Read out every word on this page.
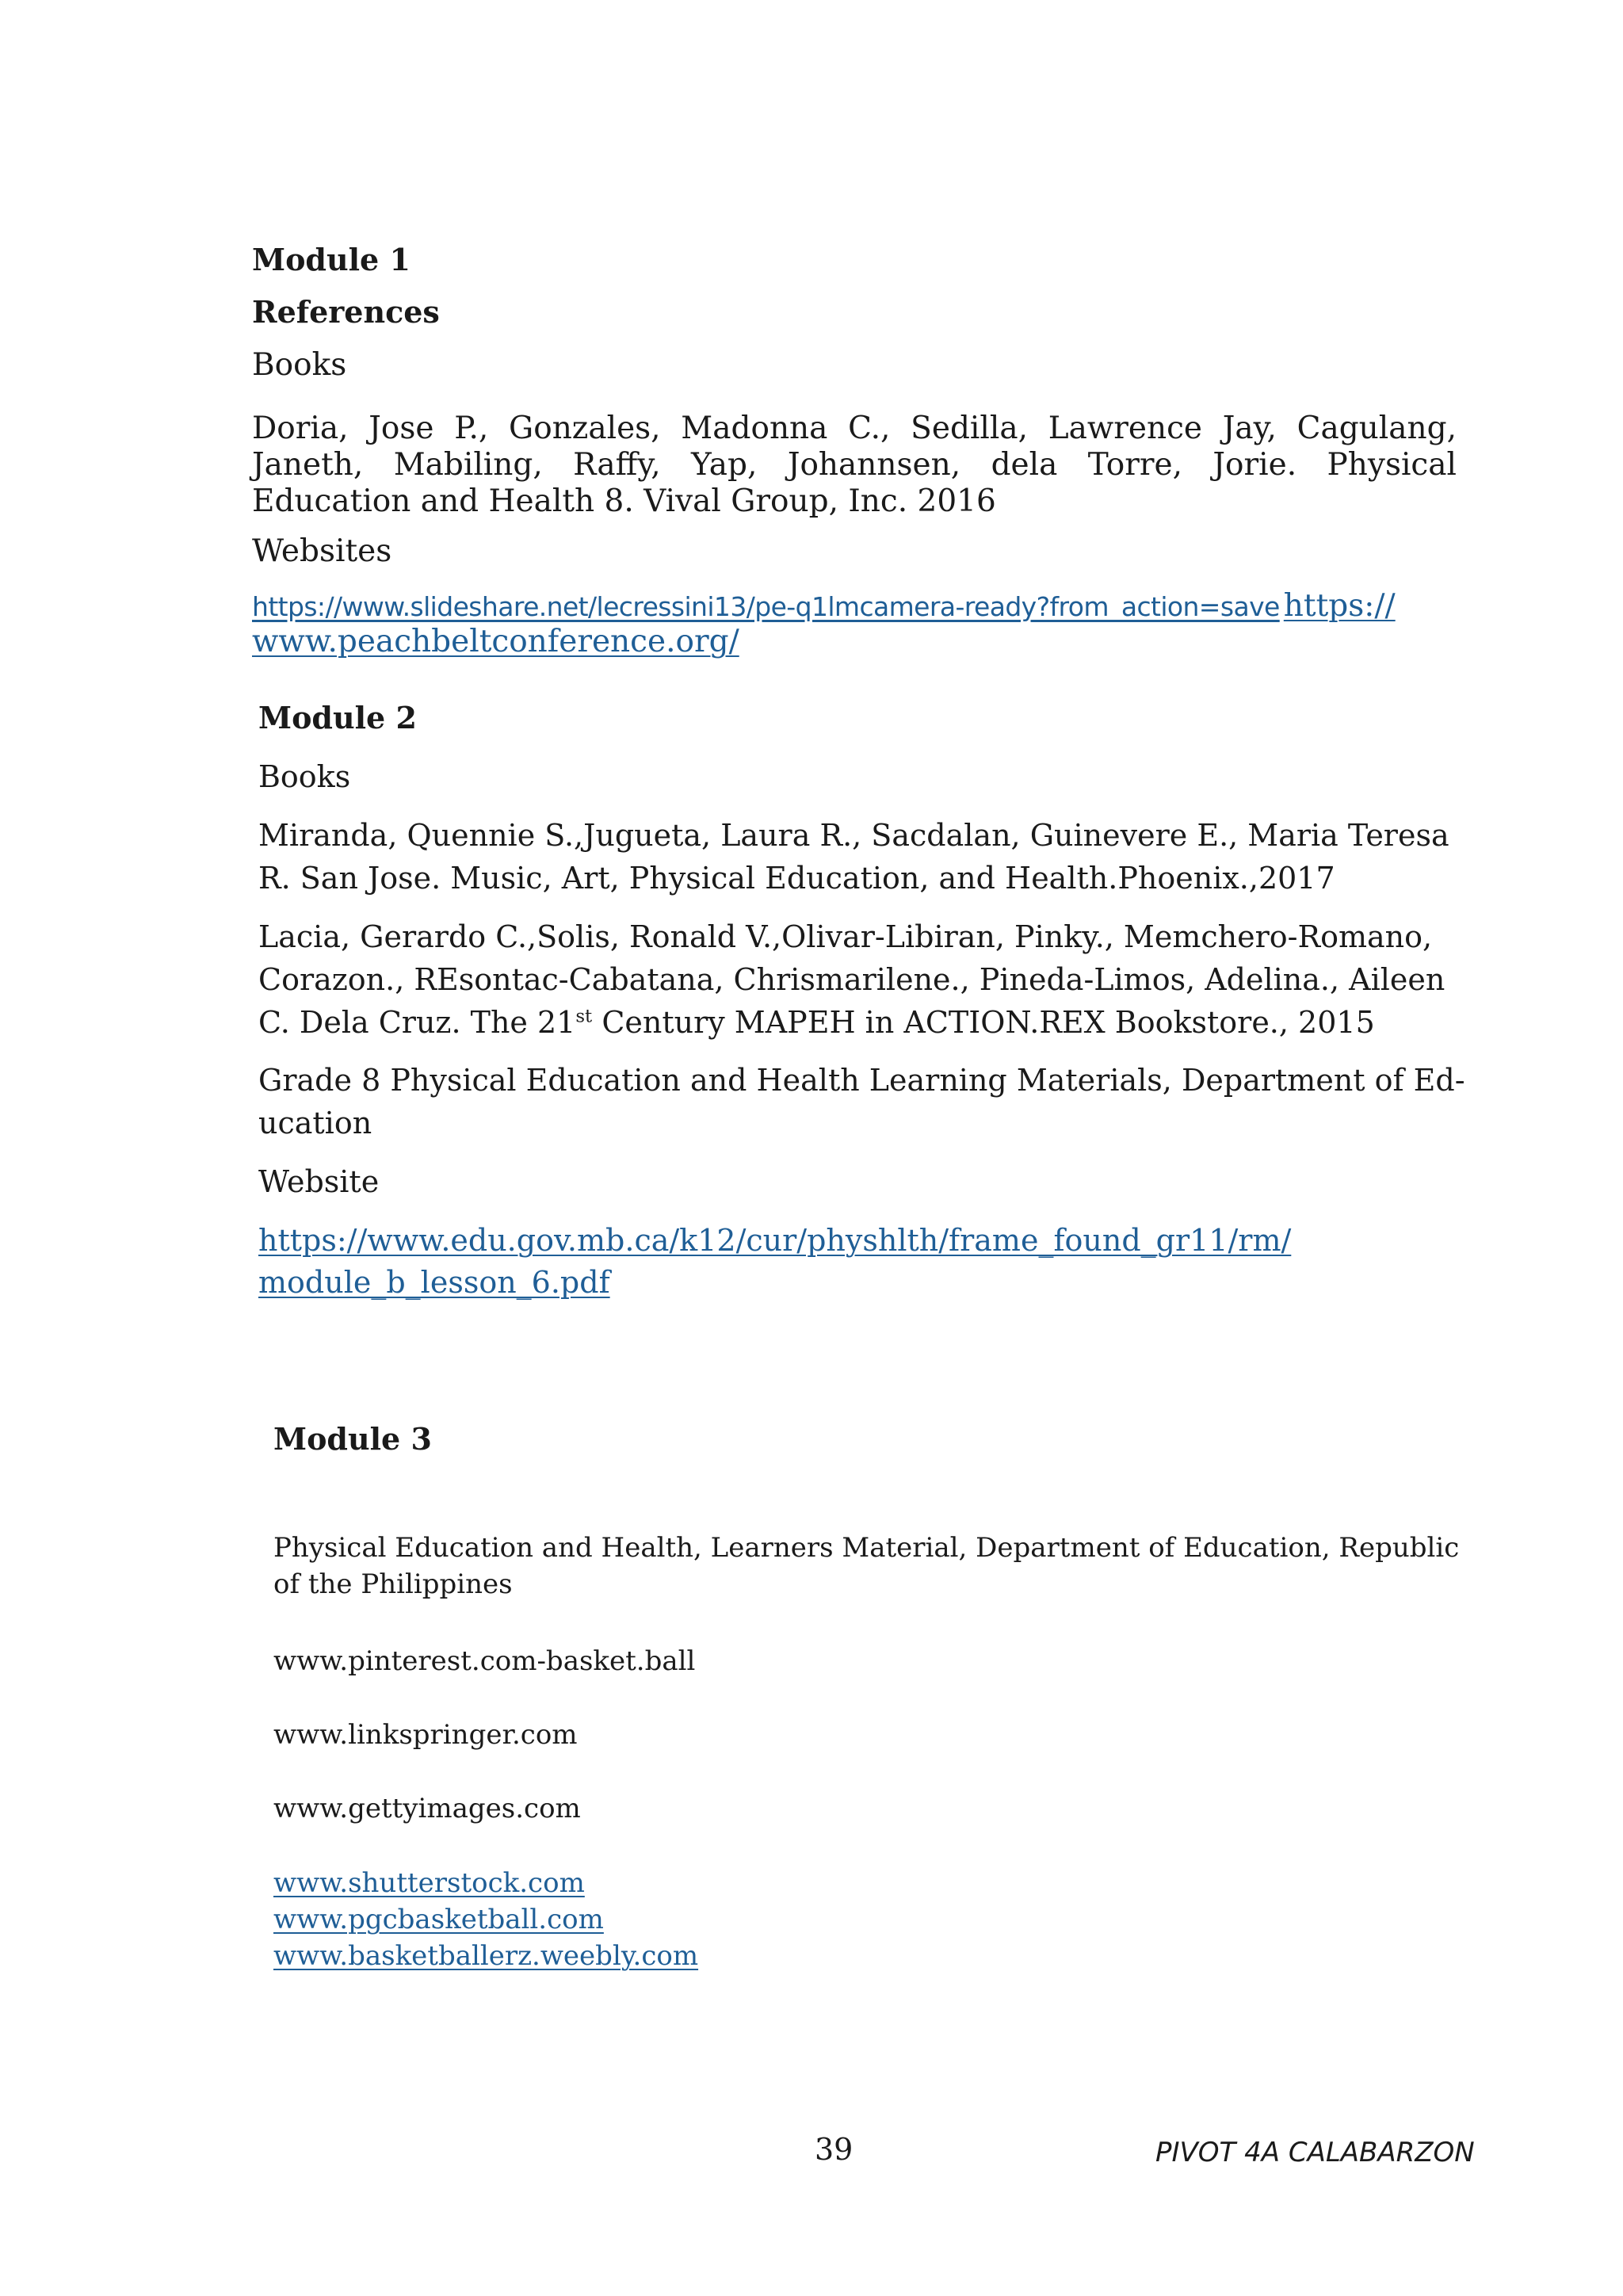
Module 1
References
Books
Doria, Jose P., Gonzales, Madonna C., Sedilla, Lawrence Jay, Cagulang, Janeth, Mabiling, Raffy, Yap, Johannsen, dela Torre, Jorie. Physical Education and Health 8. Vival Group, Inc. 2016
Websites
https://www.slideshare.net/lecressini13/pe-q1lmcamera-ready?from_action=save https://
www.peachbeltconference.org/
Module 2
Books
Miranda, Quennie S.,Jugueta, Laura R., Sacdalan, Guinevere E., Maria Teresa
R. San Jose. Music, Art, Physical Education, and Health.Phoenix.,2017
Lacia, Gerardo C.,Solis, Ronald V.,Olivar-Libiran, Pinky., Memchero-Romano,
Corazon., REsontac-Cabatana, Chrismarilene., Pineda-Limos, Adelina., Aileen
C. Dela Cruz. The 21st Century MAPEH in ACTION.REX Bookstore., 2015
Grade 8 Physical Education and Health Learning Materials, Department of Ed-
ucation
Website
https://www.edu.gov.mb.ca/k12/cur/physhlth/frame_found_gr11/rm/
module_b_lesson_6.pdf
Module 3
Physical Education and Health, Learners Material, Department of Education, Republic of the Philippines
www.pinterest.com-basket.ball
www.linkspringer.com
www.gettyimages.com
www.shutterstock.com
www.pgcbasketball.com
www.basketballerz.weebly.com
39	PIVOT 4A CALABARZON
